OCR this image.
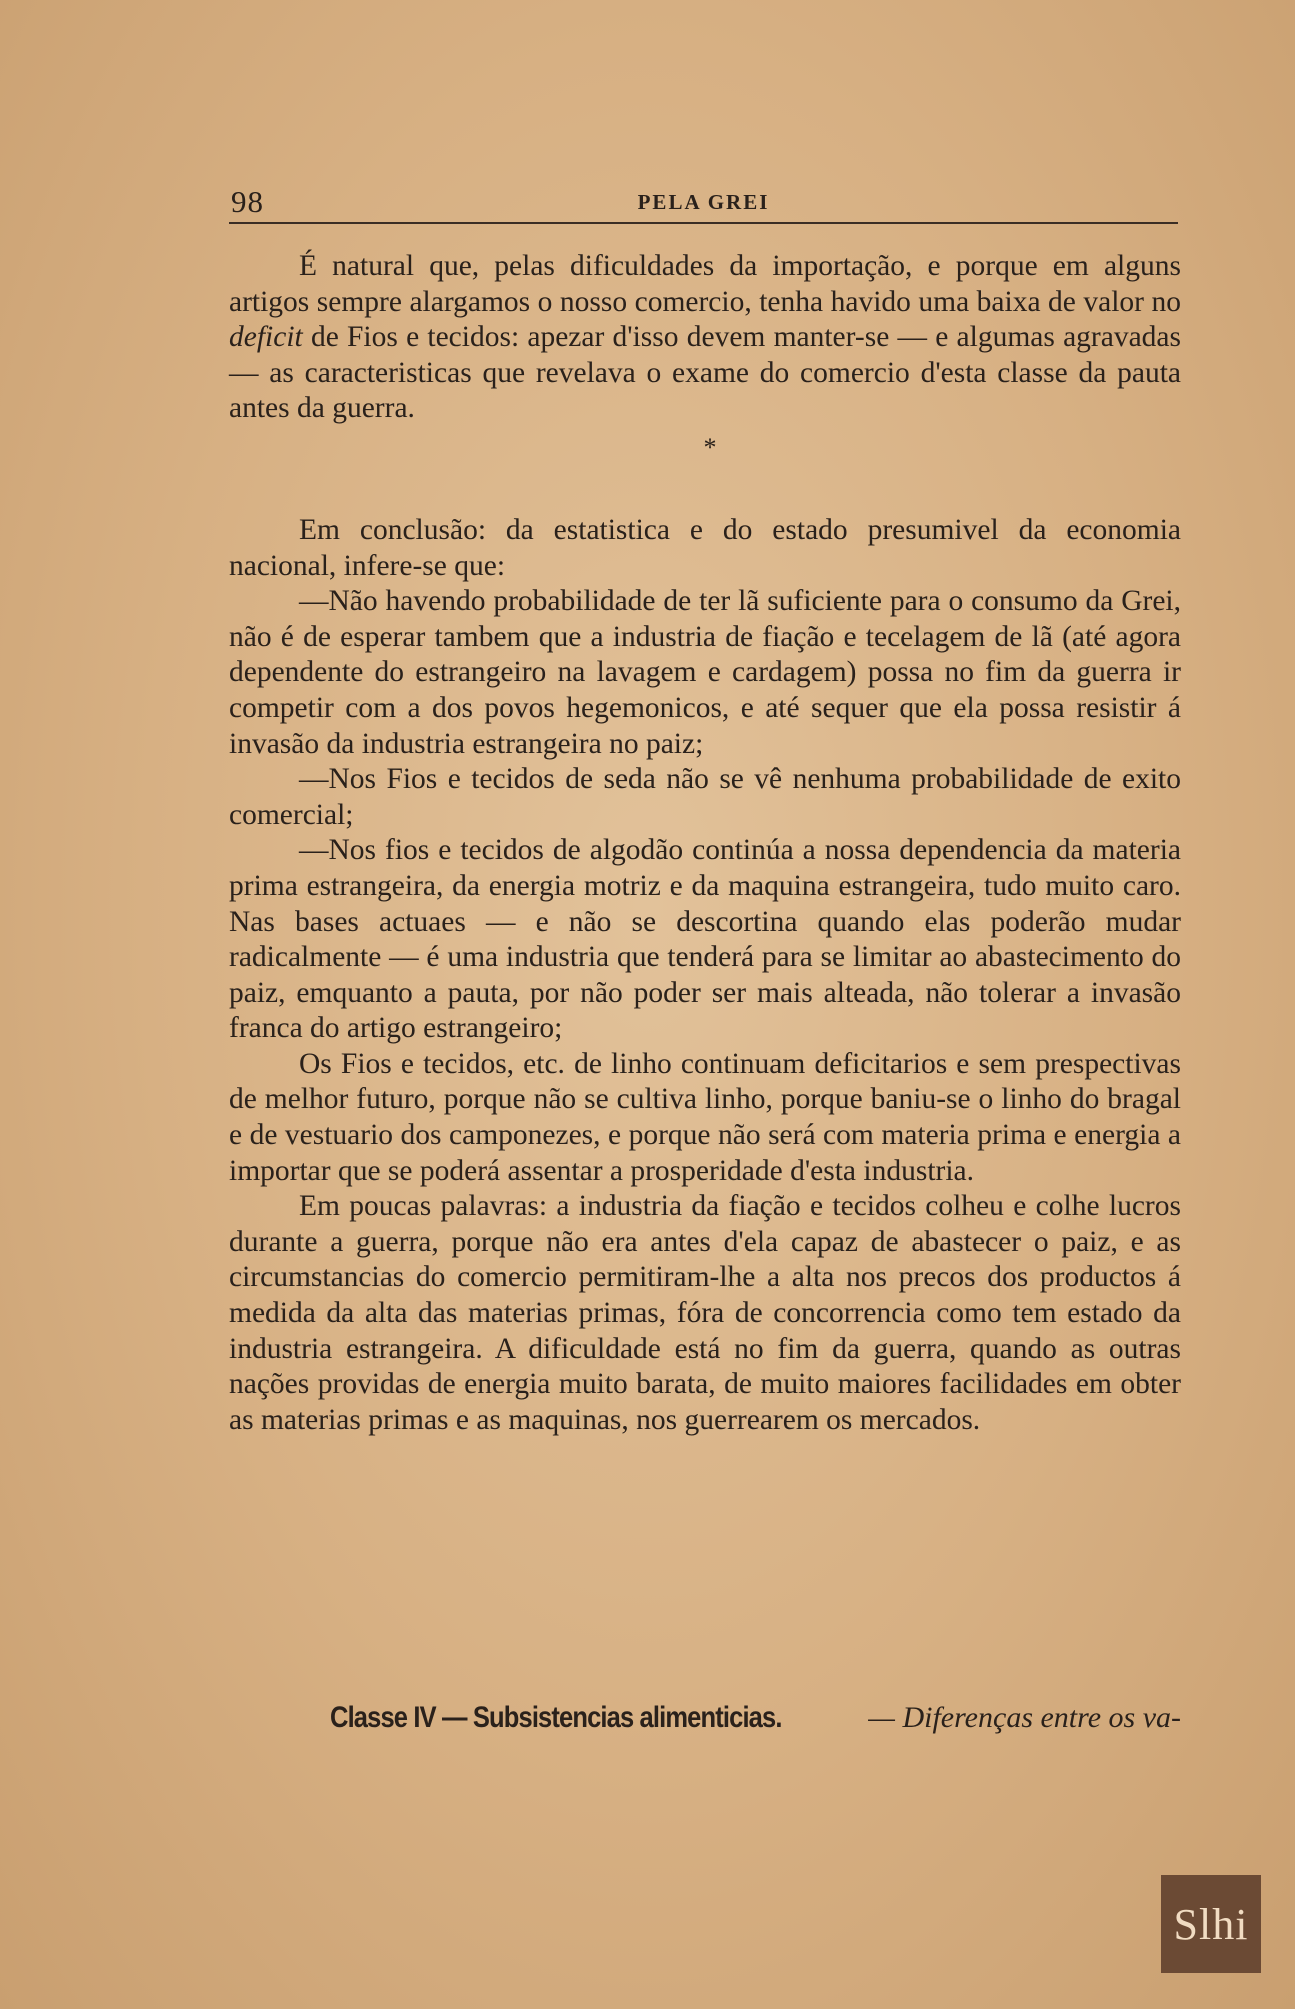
98	PELA GREI

É natural que, pelas dificuldades da importação, e porque em alguns artigos sempre alargamos o nosso comercio, tenha havido uma baixa de valor no deficit de Fios e tecidos: apezar d'isso devem manter-se — e algumas agravadas — as caracteristicas que revelava o exame do comercio d'esta classe da pauta antes da guerra.

*

Em conclusão: da estatistica e do estado presumivel da economia nacional, infere-se que:

—Não havendo probabilidade de ter lã suficiente para o consumo da Grei, não é de esperar tambem que a industria de fiação e tecelagem de lã (até agora dependente do estrangeiro na lavagem e cardagem) possa no fim da guerra ir competir com a dos povos hegemonicos, e até sequer que ela possa resistir á invasão da industria estrangeira no paiz;

—Nos Fios e tecidos de seda não se vê nenhuma probabilidade de exito comercial;

—Nos fios e tecidos de algodão continúa a nossa dependencia da materia prima estrangeira, da energia motriz e da maquina estrangeira, tudo muito caro. Nas bases actuaes — e não se descortina quando elas poderão mudar radicalmente — é uma industria que tenderá para se limitar ao abastecimento do paiz, emquanto a pauta, por não poder ser mais alteada, não tolerar a invasão franca do artigo estrangeiro;

Os Fios e tecidos, etc. de linho continuam deficitarios e sem prespectivas de melhor futuro, porque não se cultiva linho, porque baniu-se o linho do bragal e de vestuario dos camponezes, e porque não será com materia prima e energia a importar que se poderá assentar a prosperidade d'esta industria.

Em poucas palavras: a industria da fiação e tecidos colheu e colhe lucros durante a guerra, porque não era antes d'ela capaz de abastecer o paiz, e as circumstancias do comercio permitiram-lhe a alta nos precos dos productos á medida da alta das materias primas, fóra de concorrencia como tem estado da industria estrangeira. A dificuldade está no fim da guerra, quando as outras nações providas de energia muito barata, de muito maiores facilidades em obter as materias primas e as maquinas, nos guerrearem os mercados.

Classe IV — Subsistencias alimenticias.	— Diferenças entre os va-
Slhi
